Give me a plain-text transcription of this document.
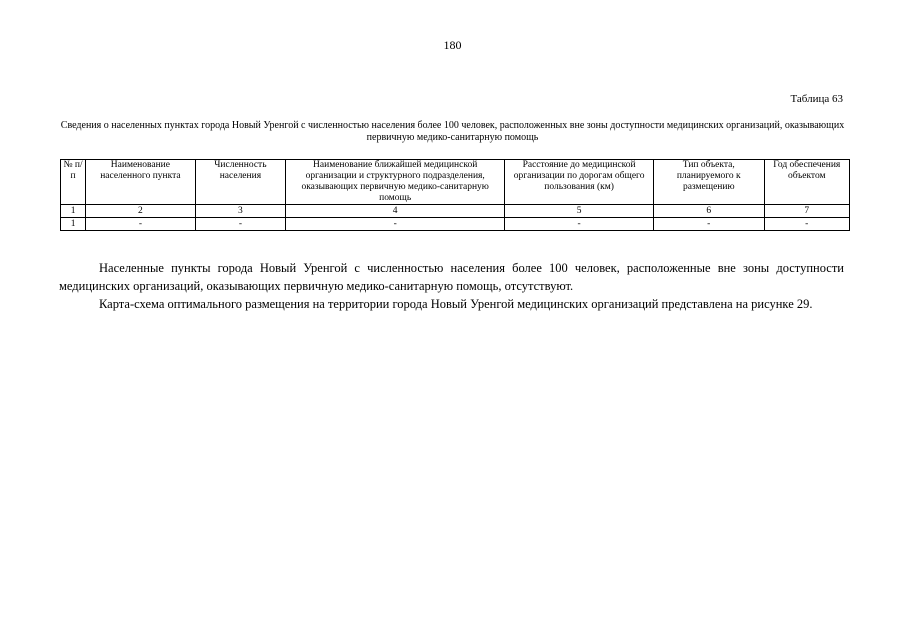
180
Таблица 63
Сведения о населенных пунктах города Новый Уренгой с численностью населения более 100 человек, расположенных вне зоны доступности медицинских организаций, оказывающих первичную медико-санитарную помощь
№ п/п	Наименование населенного пункта	Численность населения	Наименование ближайшей медицинской организации и структурного подразделения, оказывающих первичную медико-санитарную помощь	Расстояние до медицинской организации по дорогам общего пользования (км)	Тип объекта, планируемого к размещению	Год обеспечения объектом
1	2	3	4	5	6	7
1	-	-	-	-	-	-

Населенные пункты города Новый Уренгой с численностью населения более 100 человек, расположенные вне зоны доступности медицинских организаций, оказывающих первичную медико-санитарную помощь, отсутствуют.

Карта-схема оптимального размещения на территории города Новый Уренгой медицинских организаций представлена на рисунке 29.
